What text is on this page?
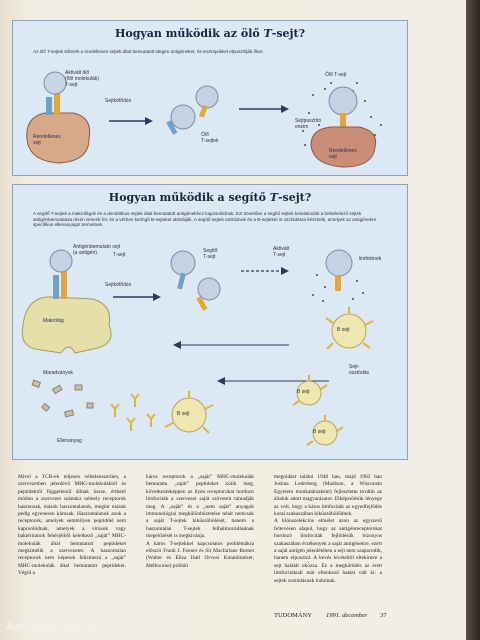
Hogyan működik az ölő T-sejt?
Az ölő T-sejtek Killerek a rendellenes sejtek által bemutatott idegen antigéneket, és enzimjeikkel elpusztítják őket.
Aktivált ölő
(őlő molekulák)
T-sejt
Sejtkötődés
Rendellenes
sejt
Ölő
T-sejtek
Ölő T-sejt
Sejtpusztító
enzim
Rendellenes
sejt
Hogyan működik a segítő T-sejt?
A segítő T-sejtek a makrofágok és a dendritikus sejtek által bemutatott antigénekhez kapcsolódnak. Ezt követően a segítő sejtek betolakodóit a bekebelező sejtek antigénbemutatása révén ismerik fel, és a vérben keringő B-sejteket aktiválják. A segítő sejtek osztódnak és a B-sejteket is osztódásra késztetik, amelyek az antigénekre specifikus ellenanyagot termelnek.
Antigénbemutató sejt
(a antigén)	T-sejt
Sejtkötődés
Makrofág
Segítő
T-sejt
Aktivált
T-sejt
limfokinek
B sejt
Sejt-
osztódás
B sejt
B sejt
B sejt
Maradványok
Ellenanyag
Mivel a TCR-ek teljesen véletlenszerűen, a szervezetben jelenlévő MHC-molekuláktól és peptidektől függetlenül állnak össze, érthető módon a szervezet számára némely receptorok hasznosak, mások haszontalanok, megint mások pedig egyenesen károsak. Haszontalanok azok a receptorok, amelyek semmilyen peptiddel nem kapcsolódnak, amelyek a vírusok vagy baktériumok fehérjéiből keletkező „saját” MHC-molekulák által bemutatott peptideket megkímélik a szervezetet. A haszontalan receptorok nem képesek felismerni a „saját” MHC-molekulák által bemutatott peptideket. Végül a
káros receptorok a „saját” MHC-molekulák bemutatta „saját” peptideket kötik meg, következésképpen az ilyen receptorokat hordozó limfociták a szervezet saját szöveteit támadják meg. A „saját” és a „nem saját” anyagok immunológiai megkülönböztetése tehát nemcsak a saját T-sejtek kiküszöbölését, hanem a haszontalan T-sejtek felhalmozódásának megelőzését is megkívánja.
A káros T-sejtekkel kapcsolatos problémákra először Frank J. Fenner és Sir Macfarlane Burnet (Walter és Eliza Hall Orvosi Kutatóintézet, Melbourne) próbált
megoldást találni 1948 ban, majd 1963 ban Joshua Lederberg (Madison, a Wisconsin Egyetem munkatársaként) fejlesztette tovább az általuk adott magyarázatot. Elképzelésük lényege az volt, hogy a káros limfociták az egyedfejlődés korai szakaszában kiküszöbölődnek.
A klónszelekciós elmélet azon az egyszerű feltevésen alapul, hogy az antigénreceptorokat hordozó limfociták fejlődésük bizonyos szakaszában érzékenyek a saját antigénekre, ezért a saját antigén jelenlétében a sejt nem szaporodik, hanem elpusztul. A kevés kivételtől eltekintve a sejt halálát okozza. Ez a megkötődés az érett limfocitáknál már ellenkező hatást vált ki: a sejtek osztódásnak indulnak.
TUDOMÁNY 1991. december 37
Antikvárium.hu
